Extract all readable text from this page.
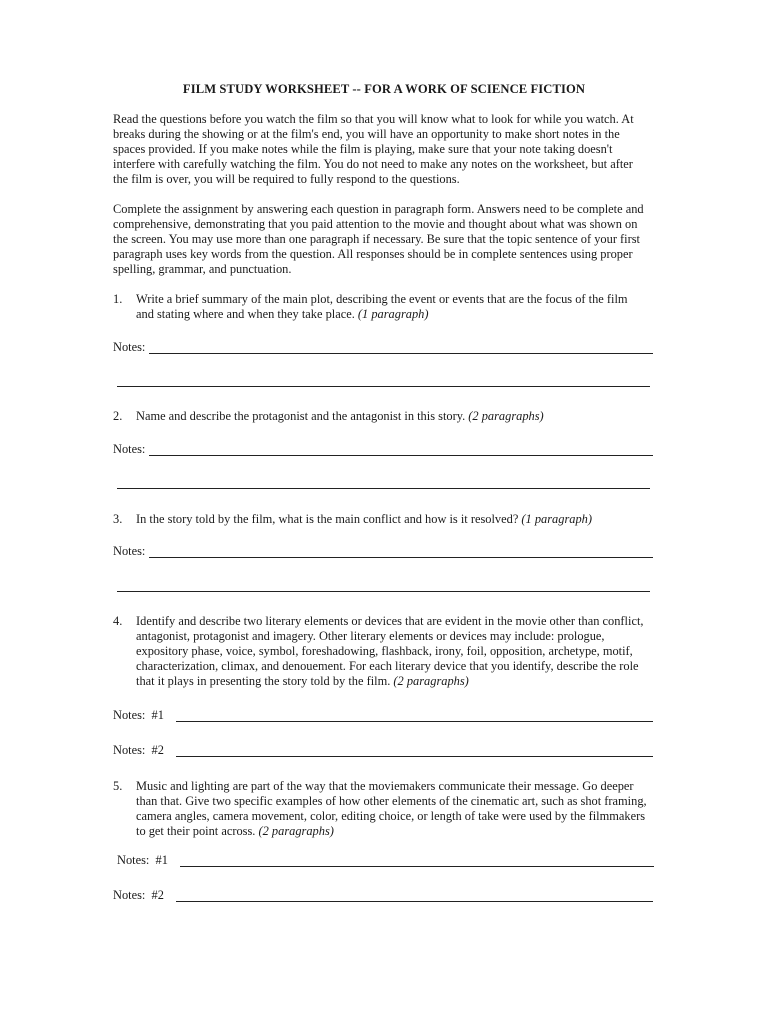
FILM STUDY WORKSHEET -- FOR A WORK OF SCIENCE FICTION

Read the questions before you watch the film so that you will know what to look for while you watch. At
breaks during the showing or at the film's end, you will have an opportunity to make short notes in the
spaces provided. If you make notes while the film is playing, make sure that your note taking doesn't
interfere with carefully watching the film. You do not need to make any notes on the worksheet, but after
the film is over, you will be required to fully respond to the questions.

Complete the assignment by answering each question in paragraph form. Answers need to be complete and
comprehensive, demonstrating that you paid attention to the movie and thought about what was shown on
the screen. You may use more than one paragraph if necessary. Be sure that the topic sentence of your first
paragraph uses key words from the question. All responses should be in complete sentences using proper
spelling, grammar, and punctuation.

1. Write a brief summary of the main plot, describing the event or events that are the focus of the film
and stating where and when they take place. (1 paragraph)
Notes:
2. Name and describe the protagonist and the antagonist in this story. (2 paragraphs)
Notes:
3. In the story told by the film, what is the main conflict and how is it resolved? (1 paragraph)
Notes:
4. Identify and describe two literary elements or devices that are evident in the movie other than conflict,
antagonist, protagonist and imagery. Other literary elements or devices may include: prologue,
expository phase, voice, symbol, foreshadowing, flashback, irony, foil, opposition, archetype, motif,
characterization, climax, and denouement. For each literary device that you identify, describe the role
that it plays in presenting the story told by the film. (2 paragraphs)
Notes:  #1
Notes:  #2
5. Music and lighting are part of the way that the moviemakers communicate their message. Go deeper
than that. Give two specific examples of how other elements of the cinematic art, such as shot framing,
camera angles, camera movement, color, editing choice, or length of take were used by the filmmakers
to get their point across. (2 paragraphs)
Notes:  #1
Notes:  #2
